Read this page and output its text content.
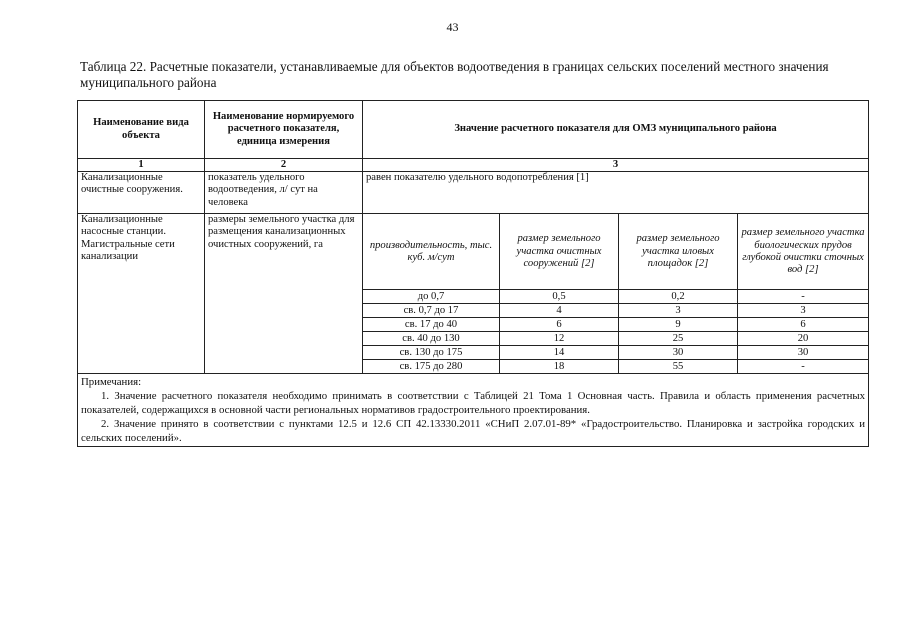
43
Таблица 22. Расчетные показатели, устанавливаемые для объектов водоотведения в границах сельских поселений местного значения муниципального района
Наименование вида объекта	Наименование нормируемого расчетного показателя, единица измерения	Значение расчетного показателя для ОМЗ муниципального района			
1	2	3			
Канализационные очистные сооружения.	показатель удельного водоотведения, л/ сут на человека	равен показателю удельного водопотребления [1]			
Канализационные насосные станции. Магистральные сети канализации	размеры земельного участка для размещения канализационных очистных сооружений, га	производительность, тыс. куб. м/сут	размер земельного участка очистных сооружений [2]	размер земельного участка иловых площадок [2]	размер земельного участка биологических прудов глубокой очистки сточных вод [2]
		до 0,7	0,5	0,2	-
		св. 0,7 до 17	4	3	3
		св. 17 до 40	6	9	6
		св. 40 до 130	12	25	20
		св. 130 до 175	14	30	30
		св. 175 до 280	18	55	-

Примечания:
1. Значение расчетного показателя необходимо принимать в соответствии с Таблицей 21 Тома 1 Основная часть. Правила и область применения расчетных показателей, содержащихся в основной части региональных нормативов градостроительного проектирования.
2. Значение принято в соответствии с пунктами 12.5 и 12.6 СП 42.13330.2011 «СНиП 2.07.01-89* «Градостроительство. Планировка и застройка городских и сельских поселений».					
